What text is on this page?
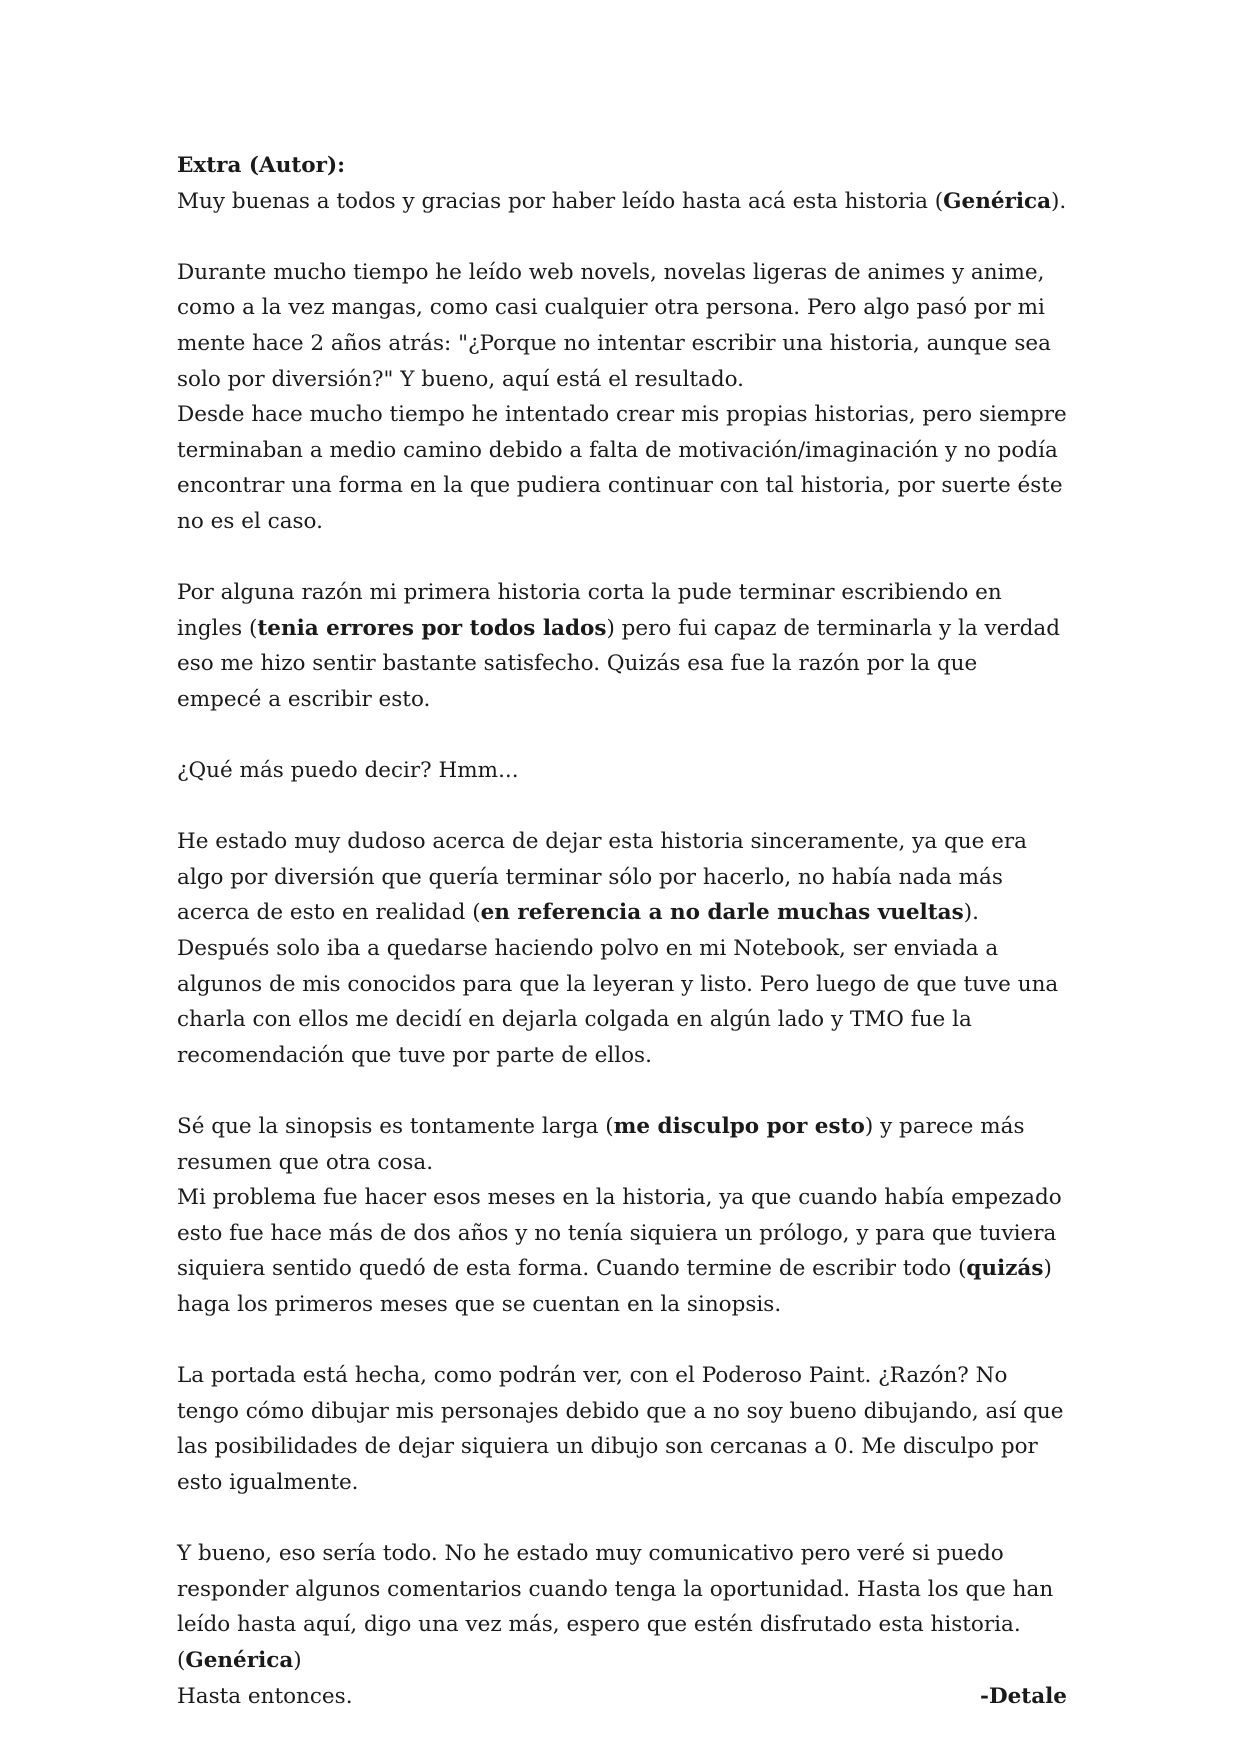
Extra (Autor):

Muy buenas a todos y gracias por haber leído hasta acá esta historia (Genérica).

Durante mucho tiempo he leído web novels, novelas ligeras de animes y anime, como a la vez mangas, como casi cualquier otra persona. Pero algo pasó por mi mente hace 2 años atrás: "¿Porque no intentar escribir una historia, aunque sea solo por diversión?" Y bueno, aquí está el resultado.

Desde hace mucho tiempo he intentado crear mis propias historias, pero siempre terminaban a medio camino debido a falta de motivación/imaginación y no podía encontrar una forma en la que pudiera continuar con tal historia, por suerte éste no es el caso.

Por alguna razón mi primera historia corta la pude terminar escribiendo en ingles (tenia errores por todos lados) pero fui capaz de terminarla y la verdad eso me hizo sentir bastante satisfecho. Quizás esa fue la razón por la que empecé a escribir esto.

¿Qué más puedo decir? Hmm...

He estado muy dudoso acerca de dejar esta historia sinceramente, ya que era algo por diversión que quería terminar sólo por hacerlo, no había nada más acerca de esto en realidad (en referencia a no darle muchas vueltas). Después solo iba a quedarse haciendo polvo en mi Notebook, ser enviada a algunos de mis conocidos para que la leyeran y listo. Pero luego de que tuve una charla con ellos me decidí en dejarla colgada en algún lado y TMO fue la recomendación que tuve por parte de ellos.

Sé que la sinopsis es tontamente larga (me disculpo por esto) y parece más resumen que otra cosa.

Mi problema fue hacer esos meses en la historia, ya que cuando había empezado esto fue hace más de dos años y no tenía siquiera un prólogo, y para que tuviera siquiera sentido quedó de esta forma. Cuando termine de escribir todo (quizás) haga los primeros meses que se cuentan en la sinopsis.

La portada está hecha, como podrán ver, con el Poderoso Paint. ¿Razón? No tengo cómo dibujar mis personajes debido que a no soy bueno dibujando, así que las posibilidades de dejar siquiera un dibujo son cercanas a 0. Me disculpo por esto igualmente.

Y bueno, eso sería todo. No he estado muy comunicativo pero veré si puedo responder algunos comentarios cuando tenga la oportunidad. Hasta los que han leído hasta aquí, digo una vez más, espero que estén disfrutado esta historia. (Genérica)

Hasta entonces.	-Detale
